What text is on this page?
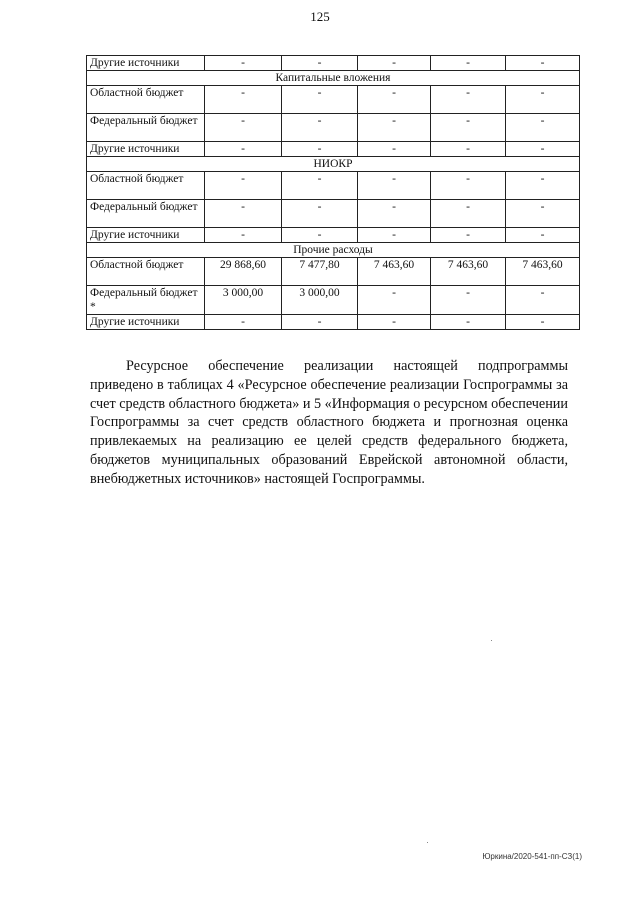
125
Другие источники	-	-	-	-	-
Капитальные вложения					
Областной бюджет	-	-	-	-	-
Федеральный бюджет	-	-	-	-	-
Другие источники	-	-	-	-	-
НИОКР					
Областной бюджет	-	-	-	-	-
Федеральный бюджет	-	-	-	-	-
Другие источники	-	-	-	-	-
Прочие расходы					
Областной бюджет	29 868,60	7 477,80	7 463,60	7 463,60	7 463,60
Федеральный бюджет *	3 000,00	3 000,00	-	-	-
Другие источники	-	-	-	-	-

Ресурсное обеспечение реализации настоящей подпрограммы приведено в таблицах 4 «Ресурсное обеспечение реализации Госпрограммы за счет средств областного бюджета» и 5 «Информация о ресурсном обеспечении Госпрограммы за счет средств областного бюджета и прогнозная оценка привлекаемых на реализацию ее целей средств федерального бюджета, бюджетов муниципальных образований Еврейской автономной области, внебюджетных источников» настоящей Госпрограммы.

Юркина/2020-541-пп-СЗ(1)
